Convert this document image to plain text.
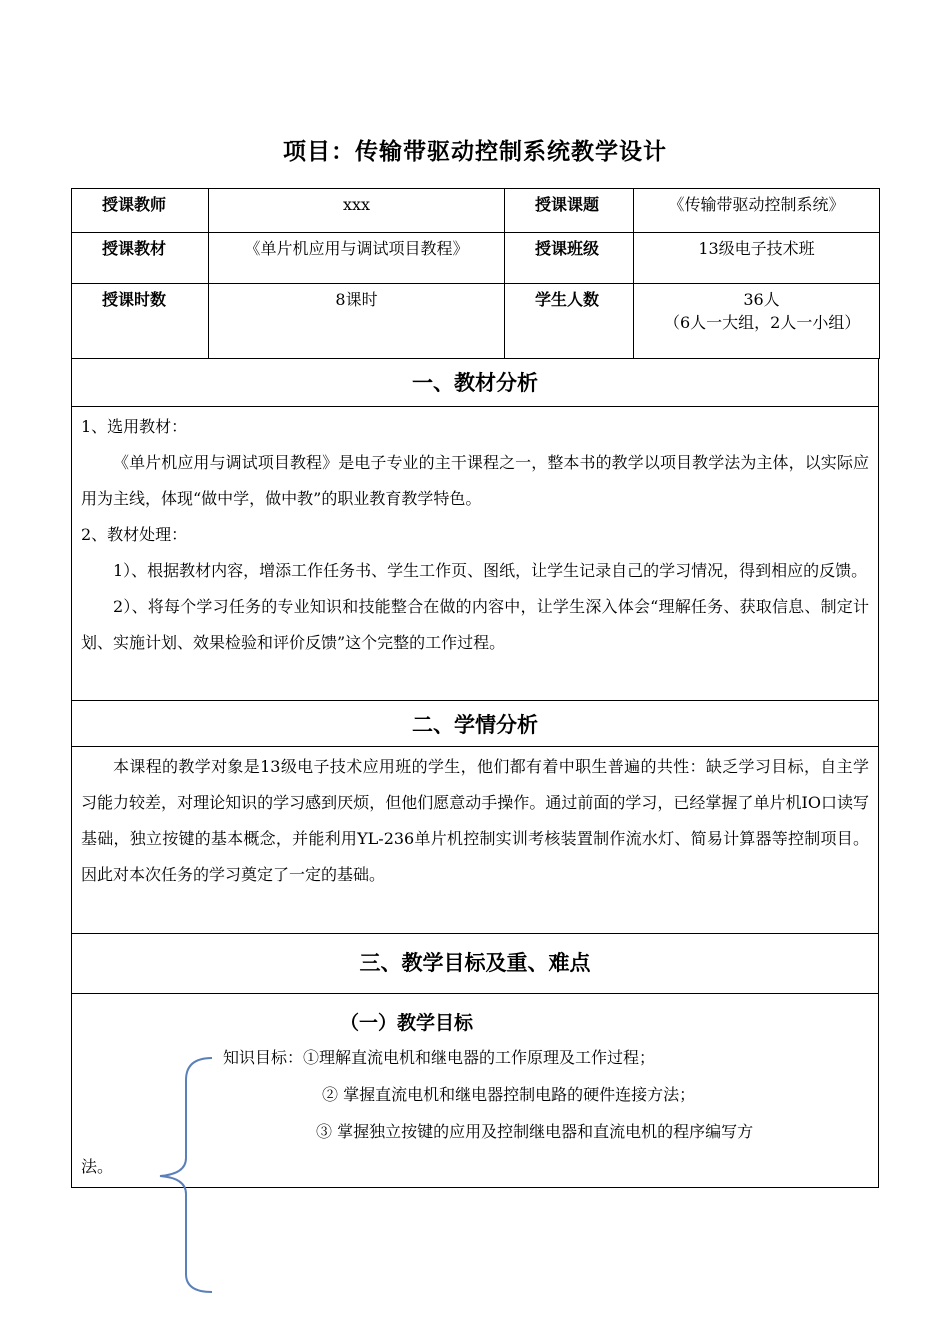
项目：传输带驱动控制系统教学设计
授课教师	xxx	授课课题	《传输带驱动控制系统》
授课教材	《单片机应用与调试项目教程》	授课班级	13级电子技术班
授课时数	8课时	学生人数	36人
（6人一大组，2人一小组）
一、教材分析
1、选用教材：
《单片机应用与调试项目教程》是电子专业的主干课程之一，整本书的教学以项目教学法为主体，以实际应用为主线，体现“做中学，做中教”的职业教育教学特色。
2、教材处理：
1）、根据教材内容，增添工作任务书、学生工作页、图纸，让学生记录自己的学习情况，得到相应的反馈。
2）、将每个学习任务的专业知识和技能整合在做的内容中，让学生深入体会“理解任务、获取信息、制定计划、实施计划、效果检验和评价反馈”这个完整的工作过程。
二、学情分析
本课程的教学对象是13级电子技术应用班的学生，他们都有着中职生普遍的共性：缺乏学习目标，自主学习能力较差，对理论知识的学习感到厌烦，但他们愿意动手操作。通过前面的学习，已经掌握了单片机IO口读写基础，独立按键的基本概念，并能利用YL-236单片机控制实训考核装置制作流水灯、简易计算器等控制项目。因此对本次任务的学习奠定了一定的基础。
三、教学目标及重、难点
（一）教学目标
知识目标：①理解直流电机和继电器的工作原理及工作过程；
② 掌握直流电机和继电器控制电路的硬件连接方法；
③ 掌握独立按键的应用及控制继电器和直流电机的程序编写方
法。
